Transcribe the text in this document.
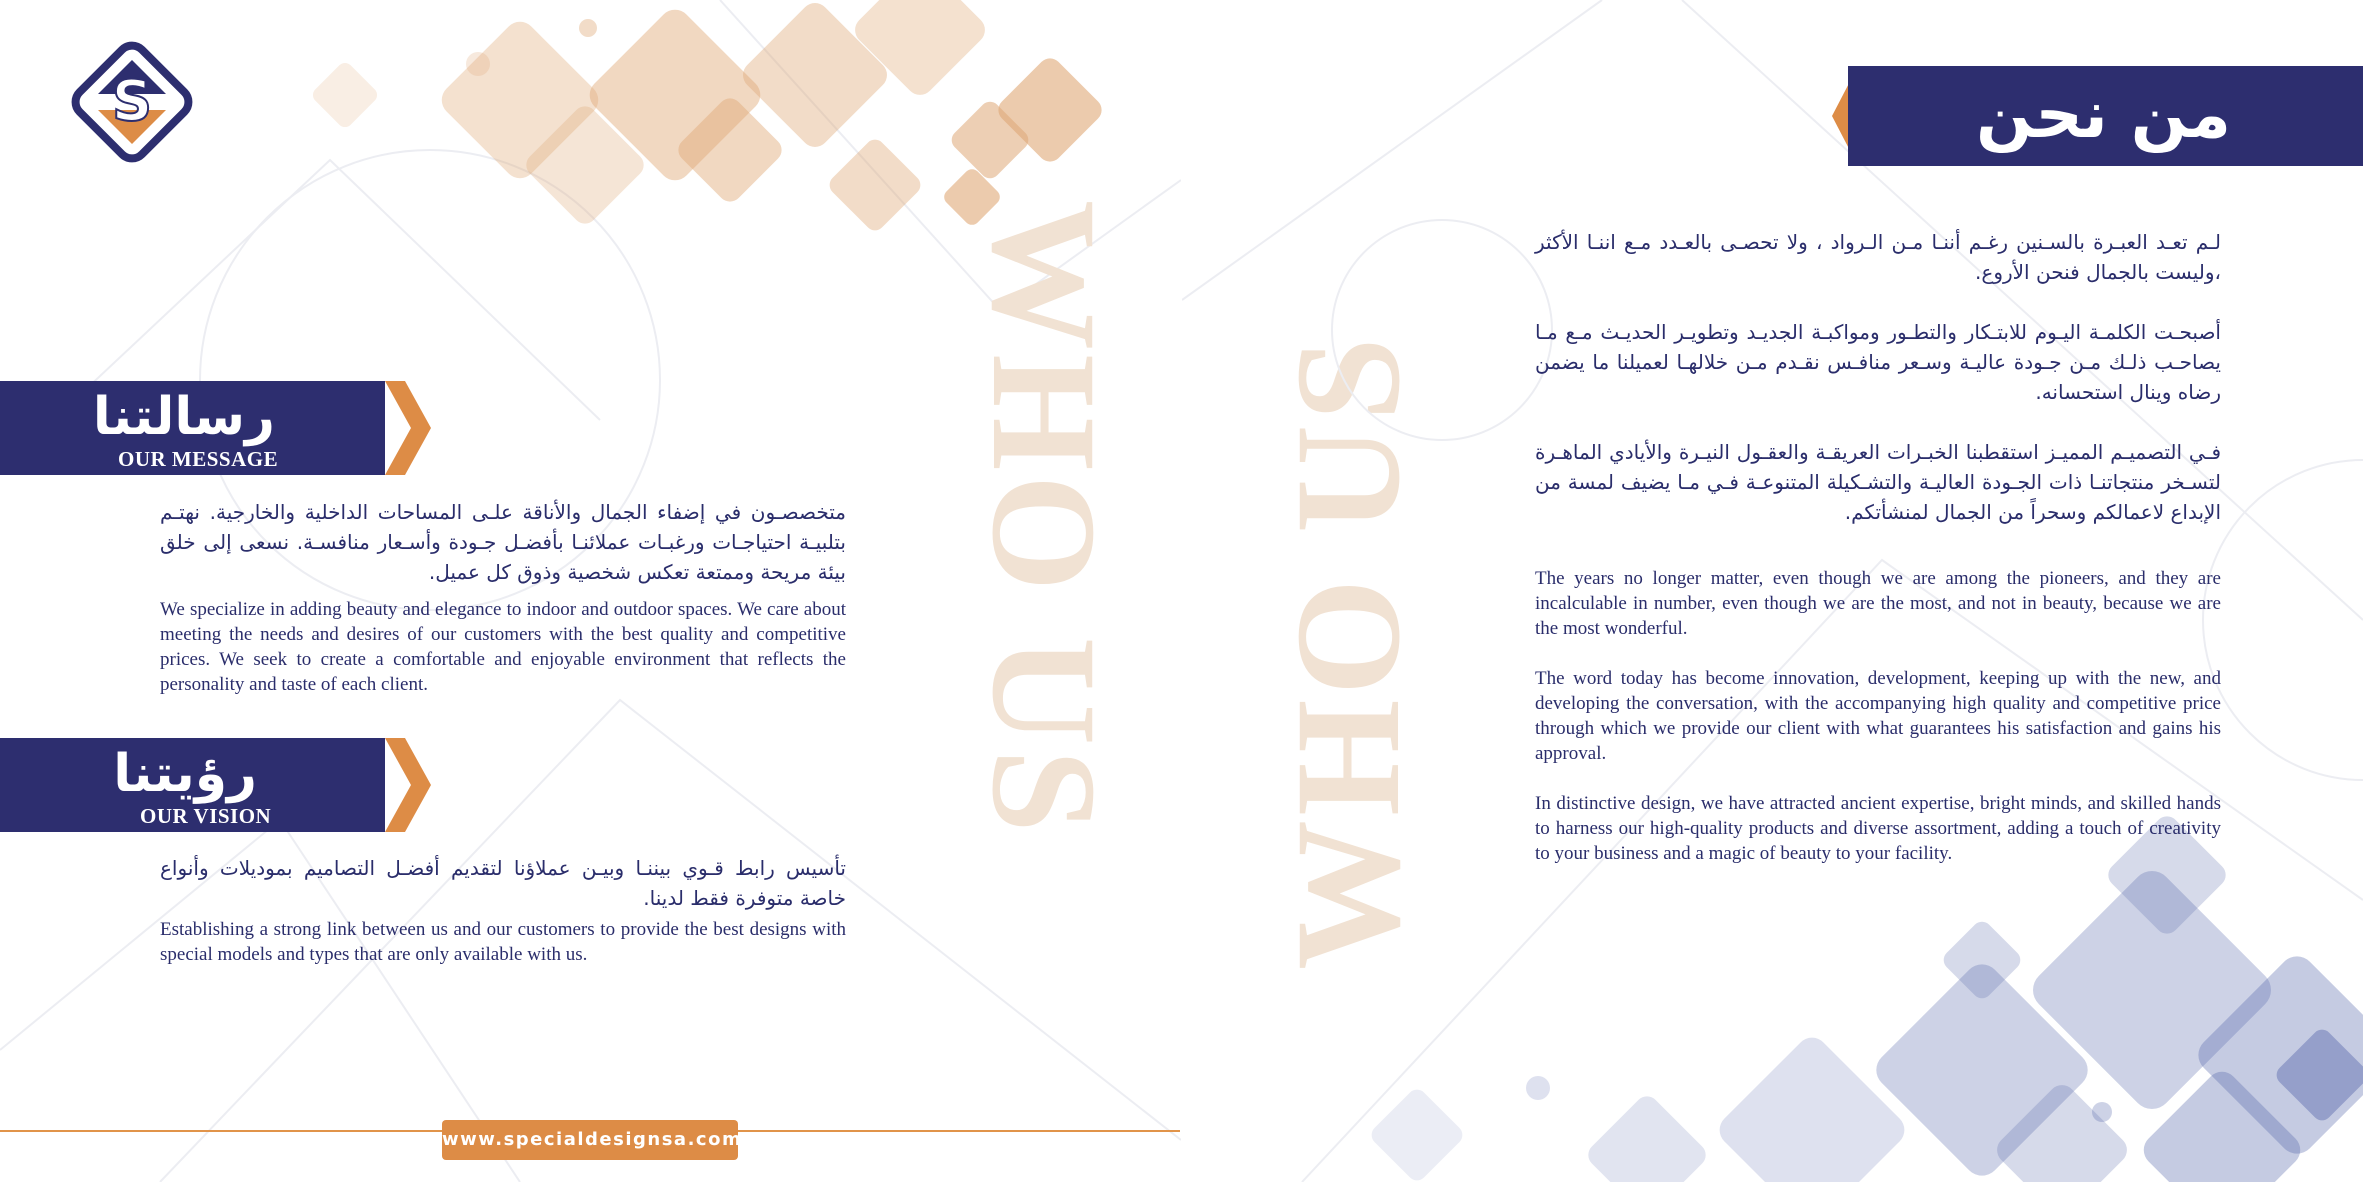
S
رسالتنا
OUR MESSAGE
متخصصـون في إضفاء الجمال والأناقة علـى المساحات الداخلية والخارجية. نهتـم بتلبيـة احتياجـات ورغبـات عملائنـا بأفضـل جـودة وأسـعار منافسـة. نسعى إلى خلق بيئة مريحة وممتعة تعكس شخصية وذوق كل عميل.
We specialize in adding beauty and elegance to indoor and outdoor spaces. We care about meeting the needs and desires of our customers with the best quality and competitive prices. We seek to create a comfortable and enjoyable environment that reflects the personality and taste of each client.
رؤيتنا
OUR VISION
تأسيس رابط قـوي بيننـا وبيـن عملاؤنا لتقديم أفضـل التصاميم بموديلات وأنواع خاصة متوفرة فقط لدينا.
Establishing a strong link between us and our customers to provide the best designs with special models and types that are only available with us.
www.specialdesignsa.com
WHO US WHO US
من نحن
لـم تعـد العبـرة بالسـنين رغـم أننـا مـن الـرواد ، ولا تحصـى بالعـدد مـع اننـا الأكثر ،وليست بالجمال فنحن الأروع.
أصبحـت الكلمـة اليـوم للابتـكار والتطـور ومواكبـة الجديـد وتطويـر الحديـث مـع مـا يصاحـب ذلـك مـن جـودة عاليـة وسـعر منافـس نقـدم مـن خلالهـا لعميلنا ما يضمن رضاه وينال استحسانه.
فـي التصميـم المميـز استقطبنا الخبـرات العريقـة والعقـول النيـرة والأيادي الماهـرة لتسـخر منتجاتنـا ذات الجـودة العاليـة والتشـكيلة المتنوعـة فـي مـا يضيف لمسة من الإبداع لاعمالكم وسحراً من الجمال لمنشأتكم.
The years no longer matter, even though we are among the pioneers, and they are incalculable in number, even though we are the most, and not in beauty, because we are the most wonderful.
The word today has become innovation, development, keeping up with the new, and developing the conversation, with the accompanying high quality and competitive price through which we provide our client with what guarantees his satisfaction and gains his approval.
In distinctive design, we have attracted ancient expertise, bright minds, and skilled hands to harness our high-quality products and diverse assortment, adding a touch of creativity to your business and a magic of beauty to your facility.
